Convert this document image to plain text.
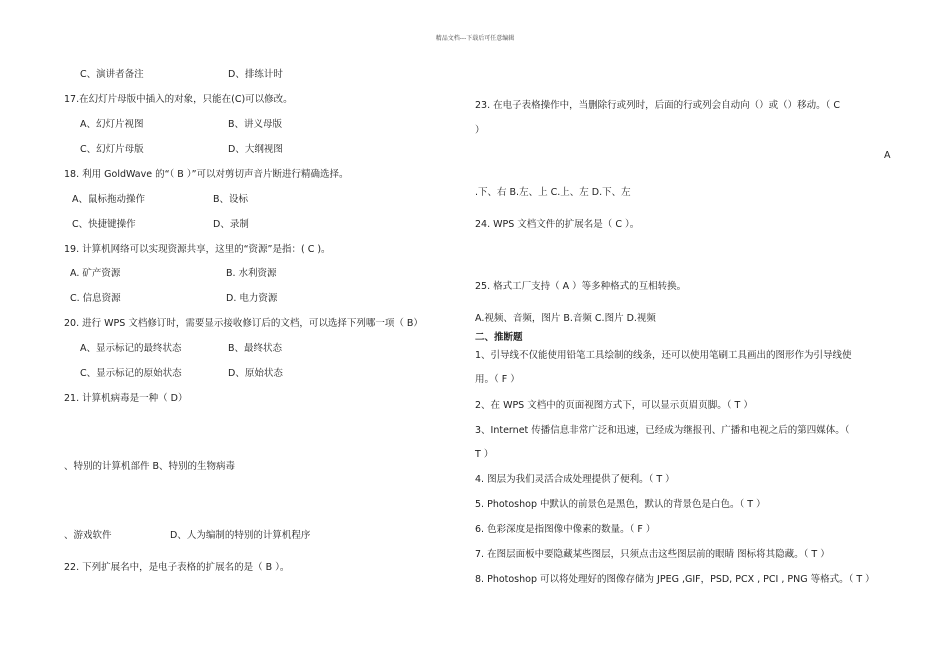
精品文档---下载后可任意编辑
C、演讲者备注	D、排练计时
17.在幻灯片母版中插入的对象，只能在(C)可以修改。
A、幻灯片视图	B、讲义母版
C、幻灯片母版	D、大纲视图
18. 利用 GoldWave 的“（ B ）”可以对剪切声音片断进行精确选择。
A、鼠标拖动操作	B、设标
C、快捷键操作	D、录制
19. 计算机网络可以实现资源共享，这里的“资源”是指：( C )。
A. 矿产资源	B. 水利资源
C. 信息资源	D. 电力资源
20. 进行 WPS 文档修订时，需要显示接收修订后的文档，可以选择下列哪一项（ B）
A、显示标记的最终状态	B、最终状态
C、显示标记的原始状态	D、原始状态
21. 计算机病毒是一种（ D）
、特别的计算机部件 B、特别的生物病毒
、游戏软件	D、人为编制的特别的计算机程序
22. 下列扩展名中，是电子表格的扩展名的是（ B ）。
23. 在电子表格操作中，当删除行或列时，后面的行或列会自动向（）或（）移动。（ C
）
A
.下、右 B.左、上 C.上、左 D.下、左
24. WPS 文档文件的扩展名是（ C ）。
25. 格式工厂支持（ A ）等多种格式的互相转换。
A.视频、音频，图片 B.音频 C.图片 D.视频
二、推断题
1、引导线不仅能使用铅笔工具绘制的线条，还可以使用笔刷工具画出的图形作为引导线使
用。（ F ）
2、在 WPS 文档中的页面视图方式下，可以显示页眉页脚。（ T ）
3、Internet 传播信息非常广泛和迅速，已经成为继报刊、广播和电视之后的第四媒体。（
T ）
4. 图层为我们灵活合成处理提供了便利。（ T ）
5. Photoshop 中默认的前景色是黑色，默认的背景色是白色。（ T ）
6. 色彩深度是指图像中像素的数量。（ F ）
7. 在图层面板中要隐藏某些图层，只须点击这些图层前的眼睛 图标将其隐藏。（ T ）
8. Photoshop 可以将处理好的图像存储为 JPEG ,GIF，PSD, PCX , PCI , PNG 等格式。（ T ）
